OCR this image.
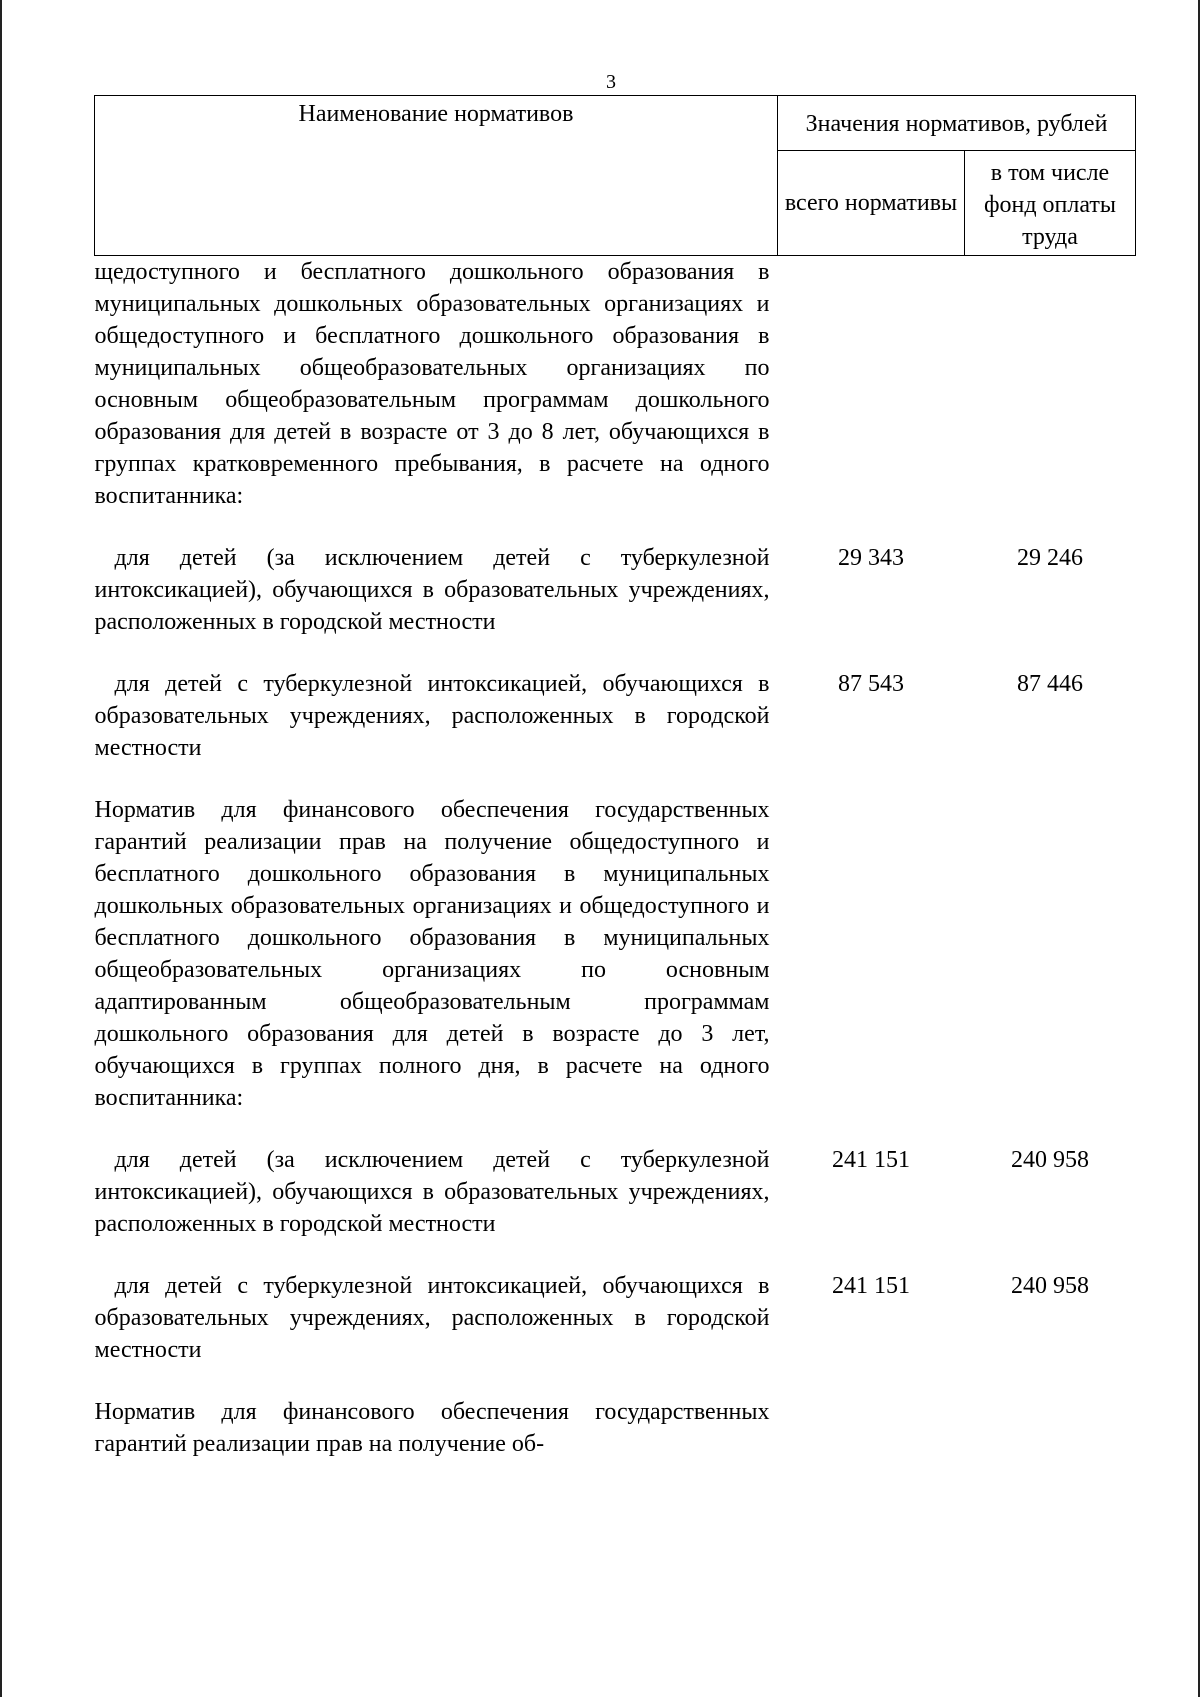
3
Наименование нормативов	Значения нормативов, рублей	
	всего нормативы	в том числе фонд оплаты труда
щедоступного и бесплатного дошкольного образования в муниципальных дошкольных образовательных организациях и общедоступного и бесплатного дошкольного образования в муниципальных общеобразовательных организациях по основным общеобразовательным программам дошкольного образования для детей в возрасте от 3 до 8 лет, обучающихся в группах кратковременного пребывания, в расчете на одного воспитанника:		

для детей (за исключением детей с туберкулезной интоксикацией), обучающихся в образовательных учреждениях, расположенных в городской местности	29 343	29 246

для детей с туберкулезной интоксикацией, обучающихся в образовательных учреждениях, расположенных в городской местности	87 543	87 446

Норматив для финансового обеспечения государственных гарантий реализации прав на получение общедоступного и бесплатного дошкольного образования в муниципальных дошкольных образовательных организациях и общедоступного и бесплатного дошкольного образования в муниципальных общеобразовательных организациях по основным адаптированным общеобразовательным программам дошкольного образования для детей в возрасте до 3 лет, обучающихся в группах полного дня, в расчете на одного воспитанника:		

для детей (за исключением детей с туберкулезной интоксикацией), обучающихся в образовательных учреждениях, расположенных в городской местности	241 151	240 958

для детей с туберкулезной интоксикацией, обучающихся в образовательных учреждениях, расположенных в городской местности	241 151	240 958

Норматив для финансового обеспечения государственных гарантий реализации прав на получение об-		
